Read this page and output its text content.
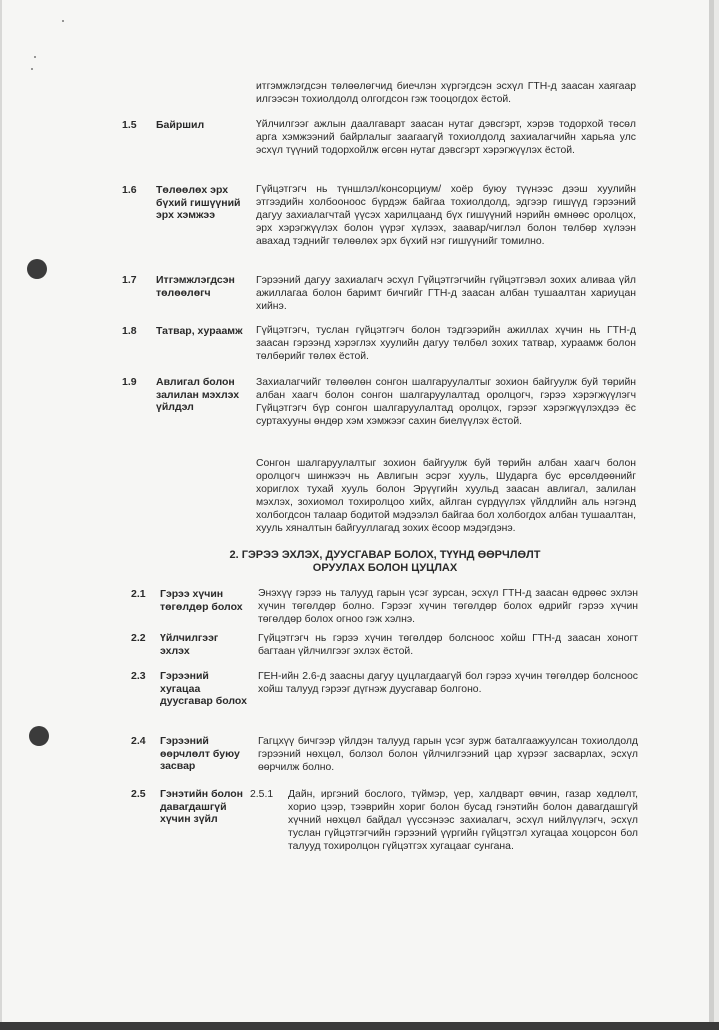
итгэмжлэгдсэн төлөөлөгчид биечлэн хүргэгдсэн эсхүл ГТН-д заасан хаягаар илгээсэн тохиолдолд олгогдсон гэж тооцогдох ёстой.
1.5 Байршил	Үйлчилгээг ажлын даалгаварт заасан нутаг дэвсгэрт, хэрэв тодорхой төсөл арга хэмжээний байрлалыг заагаагүй тохиолдолд захиалагчийн харьяа улс эсхүл түүний тодорхойлж өгсөн нутаг дэвсгэрт хэрэгжүүлэх ёстой.
1.6 Төлөөлөх эрх бүхий гишүүний эрх хэмжээ
Гүйцэтгэгч нь түншлэл/консорциум/ хоёр буюу түүнээс дээш хуулийн этгээдийн холбооноос бүрдэж байгаа тохиолдолд, эдгээр гишүүд гэрээний дагуу захиалагчтай үүсэх харилцаанд бүх гишүүний нэрийн өмнөөс оролцох, эрх хэрэгжүүлэх болон үүрэг хүлээх, заавар/чиглэл болон төлбөр хүлээн авахад тэднийг төлөөлөх эрх бүхий нэг гишүүнийг томилно.
1.7 Итгэмжлэгдсэн төлөөлөгч
Гэрээний дагуу захиалагч эсхүл Гүйцэтгэгчийн гүйцэтгэвэл зохих аливаа үйл ажиллагаа болон баримт бичгийг ГТН-д заасан албан тушаалтан хариуцан хийнэ.
1.8 Татвар, хураамж	Гүйцэтгэгч, туслан гүйцэтгэгч болон тэдгээрийн ажиллах хүчин нь ГТН-д заасан гэрээнд хэрэглэх хуулийн дагуу төлбөл зохих татвар, хураамж болон төлбөрийг төлөх ёстой.
1.9 Авлигал болон залилан мэхлэх үйлдэл
Захиалагчийг төлөөлөн сонгон шалгаруулалтыг зохион байгуулж буй төрийн албан хаагч болон сонгон шалгаруулалтад оролцогч, гэрээ хэрэгжүүлэгч Гүйцэтгэгч бүр сонгон шалгаруулалтад оролцох, гэрээг хэрэгжүүлэхдээ ёс суртахууны өндөр хэм хэмжээг сахин биелүүлэх ёстой.
Сонгон шалгаруулалтыг зохион байгуулж буй төрийн албан хаагч болон оролцогч шинжээч нь Авлигын эсрэг хууль, Шударга бус өрсөлдөөнийг хориглох тухай хууль болон Эрүүгийн хуульд заасан авлигал, залилан мэхлэх, зохиомол тохиролцоо хийх, айлган сүрдүүлэх үйлдлийн аль нэгэнд холбогдсон талаар бодитой мэдээлэл байгаа бол холбогдох албан тушаалтан, хууль хяналтын байгууллагад зохих ёсоор мэдэгдэнэ.
2. ГЭРЭЭ ЭХЛЭХ, ДУУСГАВАР БОЛОХ, ТҮҮНД ӨӨРЧЛӨЛТ
ОРУУЛАХ БОЛОН ЦУЦЛАХ
2.1 Гэрээ хүчин төгөлдөр болох
Энэхүү гэрээ нь талууд гарын үсэг зурсан, эсхүл ГТН-д заасан өдрөөс эхлэн хүчин төгөлдөр болно. Гэрээг хүчин төгөлдөр болох өдрийг гэрээ хүчин төгөлдөр болох огноо гэж хэлнэ.
2.2 Үйлчилгээг эхлэх
Гүйцэтгэгч нь гэрээ хүчин төгөлдөр болсноос хойш ГТН-д заасан хоногт багтаан үйлчилгээг эхлэх ёстой.
2.3 Гэрээний хугацаа дуусгавар болох
ГЕН-ийн 2.6-д заасны дагуу цуцлагдаагүй бол гэрээ хүчин төгөлдөр болсноос хойш талууд гэрээг дүгнэж дуусгавар болгоно.
2.4 Гэрээний өөрчлөлт буюу засвар
Гагцхүү бичгээр үйлдэн талууд гарын үсэг зурж баталгаажуулсан тохиолдолд гэрээний нөхцөл, болзол болон үйлчилгээний цар хүрээг засварлах, эсхүл өөрчилж болно.
2.5 Гэнэтийн болон давагдашгүй хүчин зүйл
2.5.1 Дайн, иргэний бослого, түймэр, үер, халдварт өвчин, газар хөдлөлт, хорио цээр, тээврийн хориг болон бусад гэнэтийн болон давагдашгүй хүчний нөхцөл байдал үүссэнээс захиалагч, эсхүл нийлүүлэгч, эсхүл туслан гүйцэтгэгчийн гэрээний үүргийн гүйцэтгэл хугацаа хоцорсон бол талууд тохиролцон гүйцэтгэх хугацааг сунгана.
